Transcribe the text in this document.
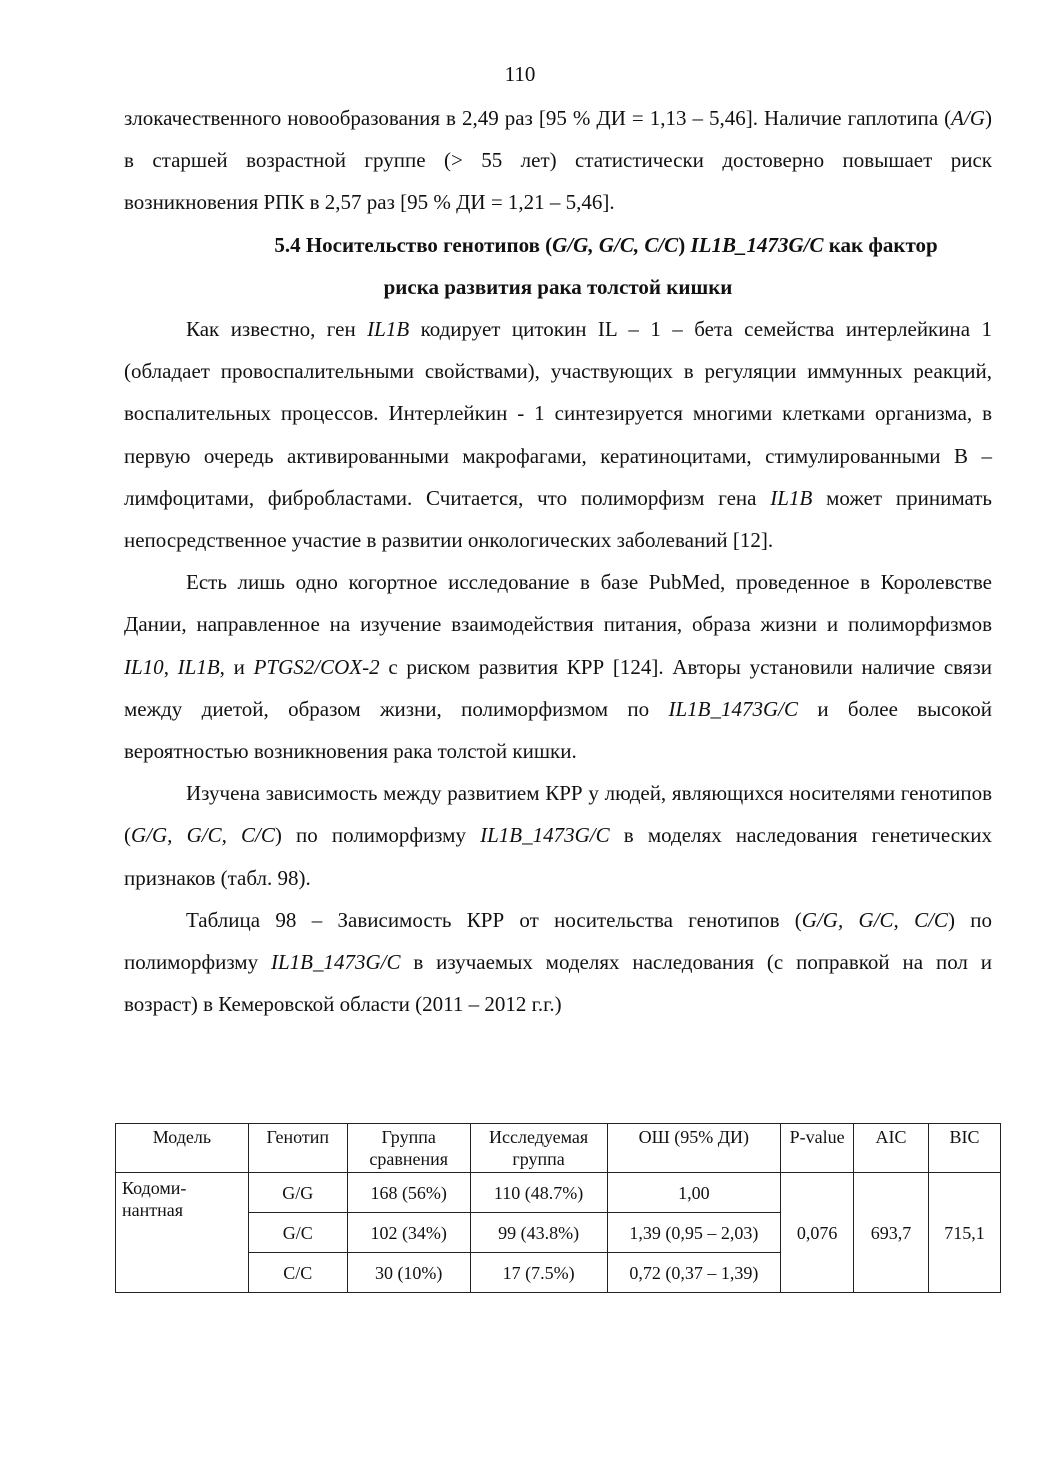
110

злокачественного новообразования в 2,49 раз [95 % ДИ = 1,13 – 5,46]. Наличие гаплотипа (A/G) в старшей возрастной группе (> 55 лет) статистически достоверно повышает риск возникновения РПК в 2,57 раз [95 % ДИ = 1,21 – 5,46].

5.4 Носительство генотипов (G/G, G/C, C/C) IL1B_1473G/C как фактор
риска развития рака толстой кишки

Как известно, ген IL1B кодирует цитокин IL – 1 – бета семейства интерлейкина 1 (обладает провоспалительными свойствами), участвующих в регуляции иммунных реакций, воспалительных процессов. Интерлейкин - 1 синтезируется многими клетками организма, в первую очередь активированными макрофагами, кератиноцитами, стимулированными В – лимфоцитами, фибробластами. Считается, что полиморфизм гена IL1B может принимать непосредственное участие в развитии онкологических заболеваний [12].

Есть лишь одно когортное исследование в базе PubMed, проведенное в Королевстве Дании, направленное на изучение взаимодействия питания, образа жизни и полиморфизмов IL10, IL1B, и PTGS2/COX-2 с риском развития КРР [124]. Авторы установили наличие связи между диетой, образом жизни, полиморфизмом по IL1B_1473G/C и более высокой вероятностью возникновения рака толстой кишки.

Изучена зависимость между развитием КРР у людей, являющихся носителями генотипов (G/G, G/C, C/C) по полиморфизму IL1B_1473G/C в моделях наследования генетических признаков (табл. 98).

Таблица 98 – Зависимость КРР от носительства генотипов (G/G, G/C, C/C) по полиморфизму IL1B_1473G/C в изучаемых моделях наследования (с поправкой на пол и возраст) в Кемеровской области (2011 – 2012 г.г.)

Модель	Генотип	Группа сравнения	Исследуемая группа	ОШ (95% ДИ)	P-value	AIC	BIC
Кодоми-нантная	G/G	168 (56%)	110 (48.7%)	1,00	0,076	693,7	715,1
	G/C	102 (34%)	99 (43.8%)	1,39 (0,95 – 2,03)			
	C/C	30 (10%)	17 (7.5%)	0,72 (0,37 – 1,39)			
